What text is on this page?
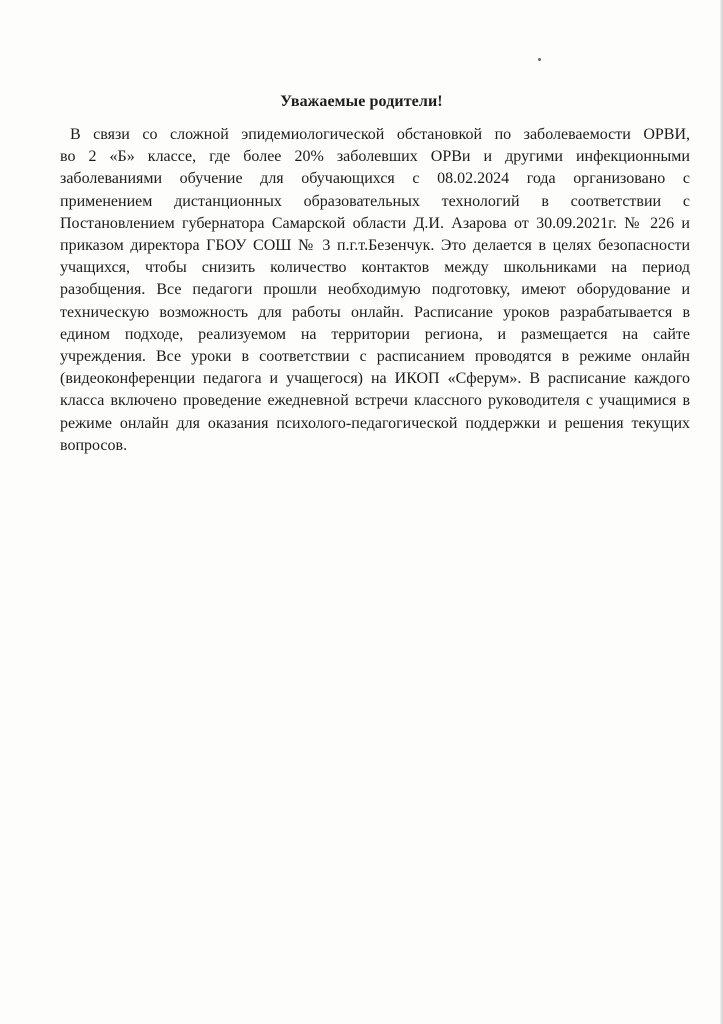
Уважаемые родители!
В связи со сложной эпидемиологической обстановкой по заболеваемости ОРВИ,
во 2 «Б» классе, где более 20% заболевших ОРВи и другими инфекционными
заболеваниями обучение для обучающихся с 08.02.2024 года организовано с
применением дистанционных образовательных технологий в соответствии с
Постановлением губернатора Самарской области Д.И. Азарова от 30.09.2021г. № 226 и
приказом директора ГБОУ СОШ № 3 п.г.т.Безенчук. Это делается в целях безопасности
учащихся, чтобы снизить количество контактов между школьниками на период
разобщения. Все педагоги прошли необходимую подготовку, имеют оборудование и
техническую возможность для работы онлайн. Расписание уроков разрабатывается в
едином подходе, реализуемом на территории региона, и размещается на сайте
учреждения. Все уроки в соответствии с расписанием проводятся в режиме онлайн
(видеоконференции педагога и учащегося) на ИКОП «Сферум». В расписание каждого
класса включено проведение ежедневной встречи классного руководителя с учащимися в
режиме онлайн для оказания психолого-педагогической поддержки и решения текущих
вопросов.
